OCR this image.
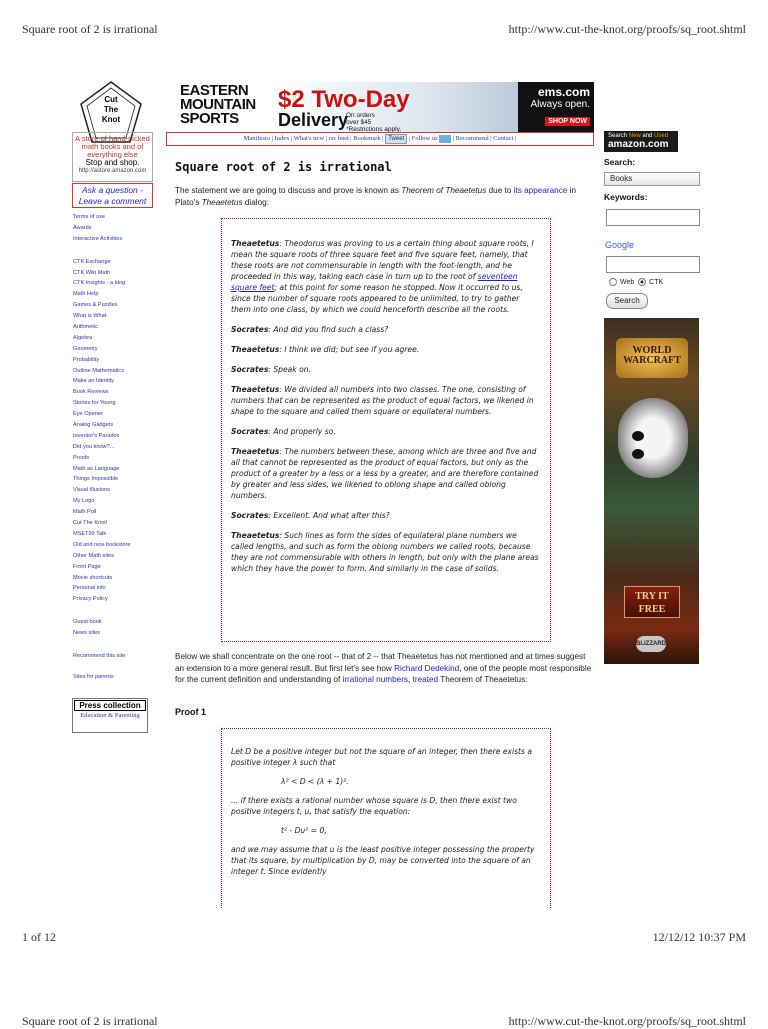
Square root of 2 is irrational	http://www.cut-the-knot.org/proofs/sq_root.shtml
Cut
The
Knot
A store of hand-picked math books and of everything else
Stop and shop.
http://astore.amazon.com
Ask a question -
Leave a comment
Terms of use
Awards
Interactive Activities
CTK Exchange
CTK Wiki Math
CTK Insights - a blog
Math Help
Games & Puzzles
What is What
Arithmetic
Algebra
Geometry
Probability
Outline Mathematics
Make an Identity
Book Reviews
Stories for Young
Eye Opener
Analog Gadgets
Inventor's Paradox
Did you know?...
Proofs
Math as Language
Things Impossible
Visual Illusions
My Logo
Math Poll
Cut The Knot!
MSET99 Talk
Old and nice bookstore
Other Math sites
Front Page
Movie shortcuts
Personal info
Privacy Policy
Guest book
News sites
Recommend this site
Sites for parents
Press collection
Education & Parenting
EASTERN
MOUNTAIN
SPORTS
$2 Two-Day
Delivery
On orders
over $45
*Restrictions apply.
ems.com
Always open.
SHOP NOW
Manifesto | Index | What's new | rss feed | Bookmark | Tweet | Follow us  | Recommend | Contact |
Square root of 2 is irrational
The statement we are going to discuss and prove is known as Theorem of Theaetetus due to its appearance in Plato's Theaetetus dialog:

Theaetetus: Theodorus was proving to us a certain thing about square roots, I mean the square roots of three square feet and five square feet, namely, that these roots are not commensurable in length with the foot-length, and he proceeded in this way, taking each case in turn up to the root of seventeen square feet; at this point for some reason he stopped. Now it occurred to us, since the number of square roots appeared to be unlimited, to try to gather them into one class, by which we could henceforth describe all the roots.

Socrates: And did you find such a class?

Theaetetus: I think we did; but see if you agree.

Socrates: Speak on.

Theaetetus: We divided all numbers into two classes. The one, consisting of numbers that can be represented as the product of equal factors, we likened in shape to the square and called them square or equilateral numbers.

Socrates: And properly so.

Theaetetus: The numbers between these, among which are three and five and all that cannot be represented as the product of equal factors, but only as the product of a greater by a less or a less by a greater, and are therefore contained by greater and less sides, we likened to oblong shape and called oblong numbers.

Socrates: Excellent. And what after this?

Theaetetus: Such lines as form the sides of equilateral plane numbers we called lengths, and such as form the oblong numbers we called roots, because they are not commensurable with others in length, but only with the plane areas which they have the power to form. And similarly in the case of solids.

Below we shall concentrate on the one root -- that of 2 -- that Theaetetus has not mentioned and at times suggest an extension to a more general result. But first let's see how Richard Dedekind, one of the people most responsible for the current definition and understanding of irrational numbers, treated Theorem of Theaetetus:
Proof 1

Let D be a positive integer but not the square of an integer, then there exists a positive integer λ such that

λ² < D < (λ + 1)².

... if there exists a rational number whose square is D, then there exist two positive integers t, u, that satisfy the equation:

t² - Du² = 0,

and we may assume that u is the least positive integer possessing the property that its square, by multiplication by D, may be converted into the square of an integer t. Since evidently

Search New and Used
amazon.com
Search:
Books
Keywords:
Google
Web CTK
Search
WORLD WARCRAFT
TRY IT FREE
BLIZZARD
1 of 12	12/12/12 10:37 PM
Square root of 2 is irrational	http://www.cut-the-knot.org/proofs/sq_root.shtml
